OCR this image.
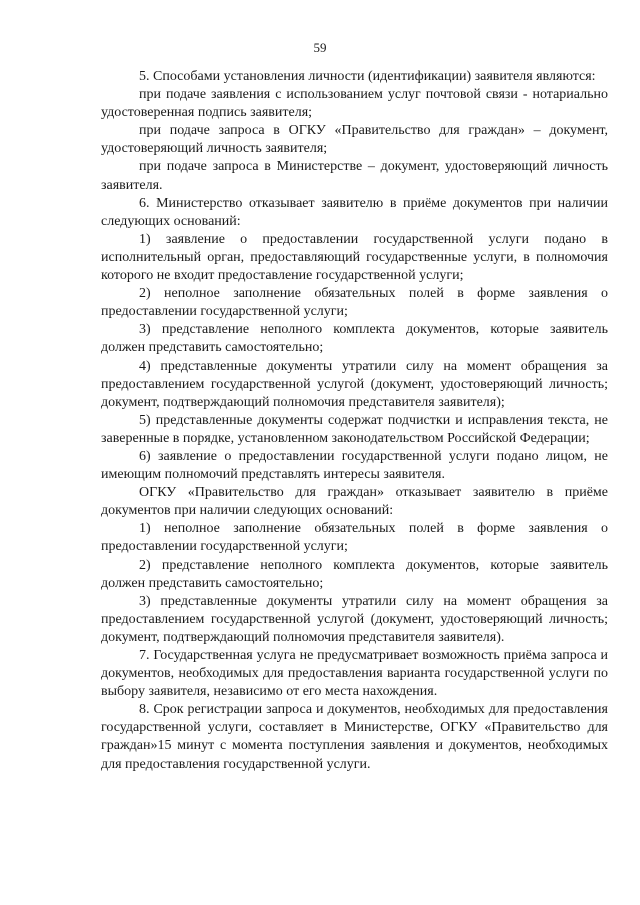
59

5. Способами установления личности (идентификации) заявителя являются:

при подаче заявления с использованием услуг почтовой связи - нотариально удостоверенная подпись заявителя;

при подаче запроса в ОГКУ «Правительство для граждан» – документ, удостоверяющий личность заявителя;

при подаче запроса в Министерстве – документ, удостоверяющий личность заявителя.

6. Министерство отказывает заявителю в приёме документов при наличии следующих оснований:

1) заявление о предоставлении государственной услуги подано в исполнительный орган, предоставляющий государственные услуги, в полномочия которого не входит предоставление государственной услуги;

2) неполное заполнение обязательных полей в форме заявления о предоставлении государственной услуги;

3) представление неполного комплекта документов, которые заявитель должен представить самостоятельно;

4) представленные документы утратили силу на момент обращения за предоставлением государственной услугой (документ, удостоверяющий личность; документ, подтверждающий полномочия представителя заявителя);

5) представленные документы содержат подчистки и исправления текста, не заверенные в порядке, установленном законодательством Российской Федерации;

6) заявление о предоставлении государственной услуги подано лицом, не имеющим полномочий представлять интересы заявителя.

ОГКУ «Правительство для граждан» отказывает заявителю в приёме документов при наличии следующих оснований:

1) неполное заполнение обязательных полей в форме заявления о предоставлении государственной услуги;

2) представление неполного комплекта документов, которые заявитель должен представить самостоятельно;

3) представленные документы утратили силу на момент обращения за предоставлением государственной услугой (документ, удостоверяющий личность; документ, подтверждающий полномочия представителя заявителя).

7. Государственная услуга не предусматривает возможность приёма запроса и документов, необходимых для предоставления варианта государственной услуги по выбору заявителя, независимо от его места нахождения.

8. Срок регистрации запроса и документов, необходимых для предоставления государственной услуги, составляет в Министерстве, ОГКУ «Правительство для граждан»15 минут с момента поступления заявления и документов, необходимых для предоставления государственной услуги.
